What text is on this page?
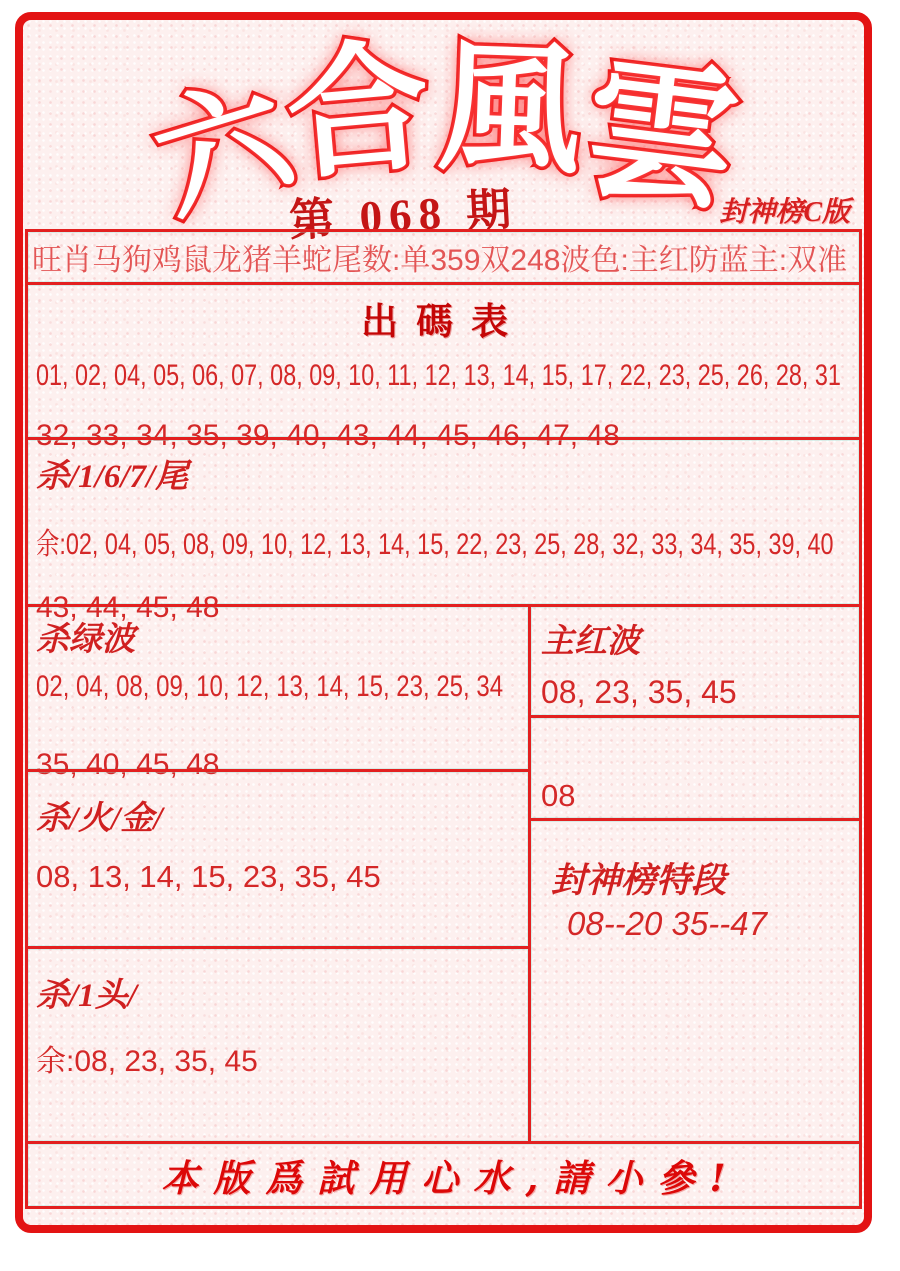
六合風雲
第 068 期	封神榜C版
旺肖马狗鸡鼠龙猪羊蛇尾数:单359双248波色:主红防蓝主:双准
出碼表
01, 02, 04, 05, 06, 07, 08, 09, 10, 11, 12, 13, 14, 15, 17, 22, 23, 25, 26, 28, 31
32, 33, 34, 35, 39, 40, 43, 44, 45, 46, 47, 48
杀/1/6/7/尾
余:02, 04, 05, 08, 09, 10, 12, 13, 14, 15, 22, 23, 25, 28, 32, 33, 34, 35, 39, 40
43, 44, 45, 48
杀绿波
02, 04, 08, 09, 10, 12, 13, 14, 15, 23, 25, 34
35, 40, 45, 48
杀/火/金/
08, 13, 14, 15, 23, 35, 45
杀/1头/
余:08, 23, 35, 45
主红波
08, 23, 35, 45
08
封神榜特段
08--20 35--47
本版爲試用心水,請小參!
